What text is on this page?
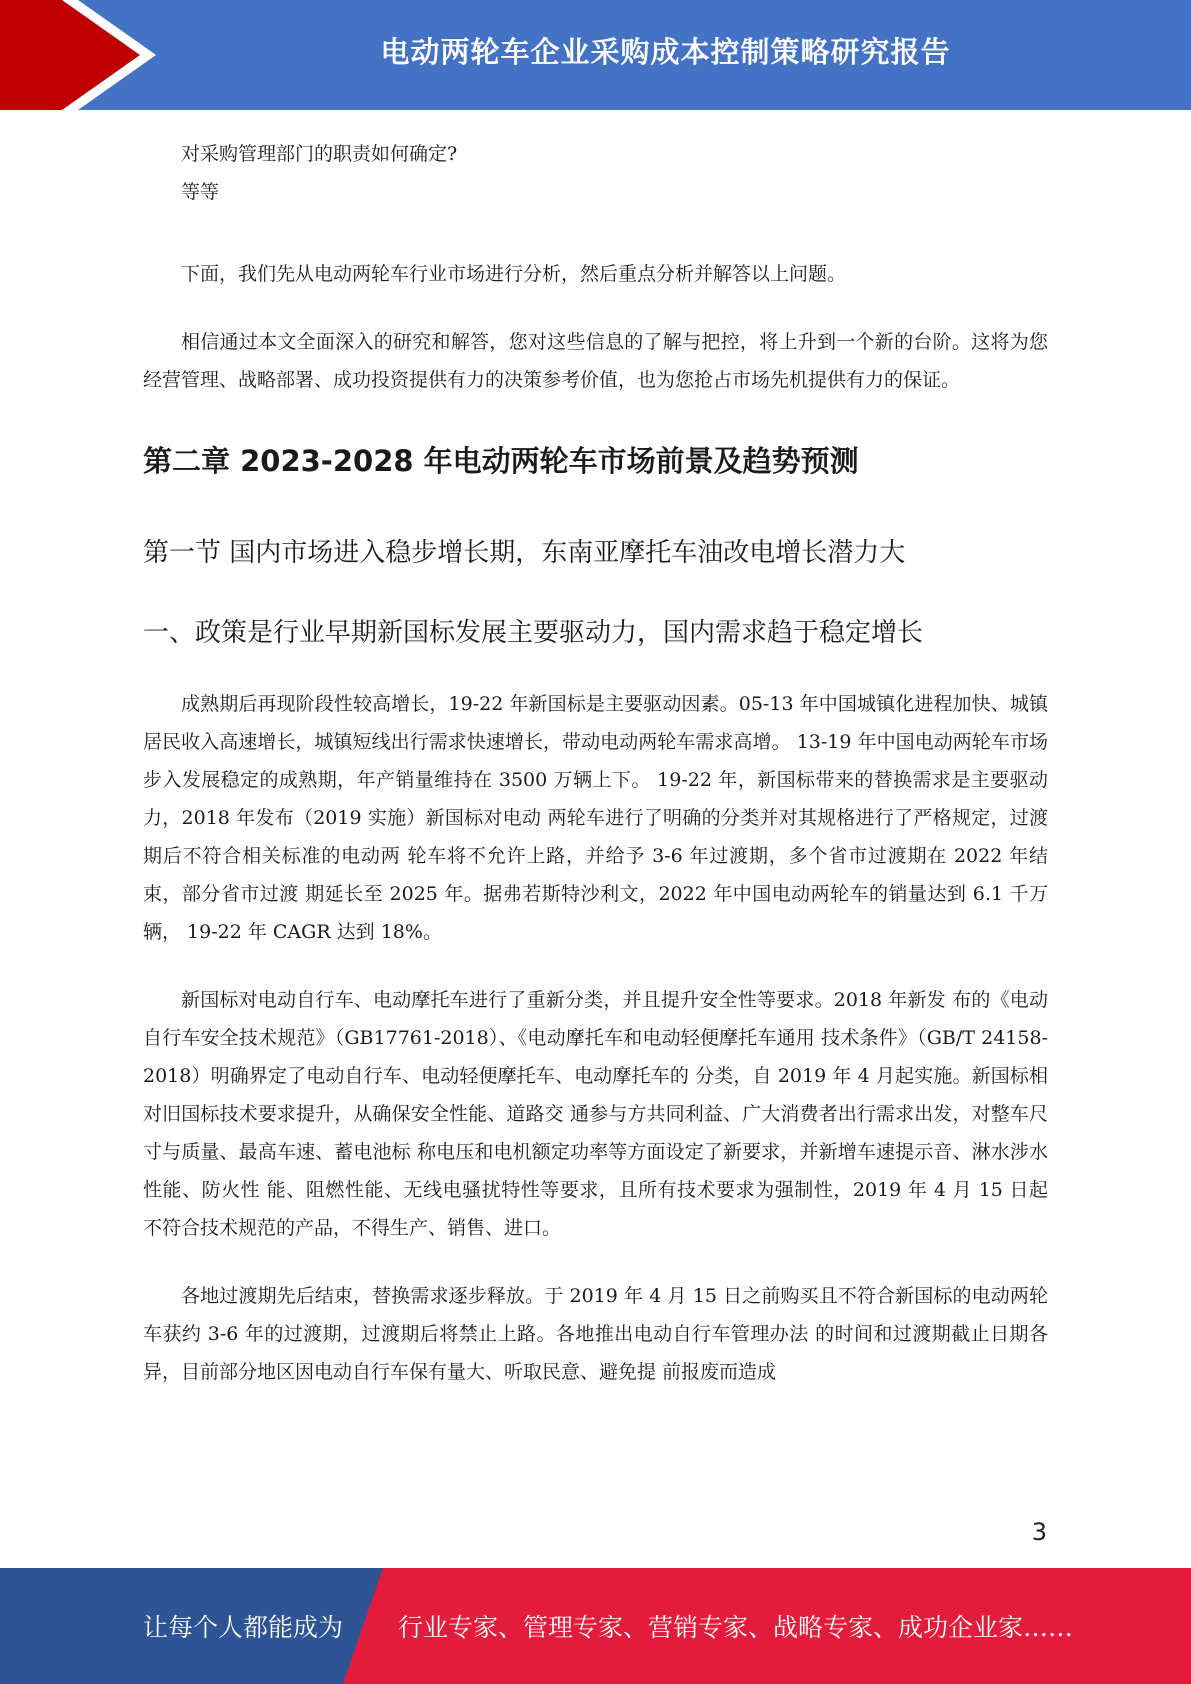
电动两轮车企业采购成本控制策略研究报告

对采购管理部门的职责如何确定?

等等

下面，我们先从电动两轮车行业市场进行分析，然后重点分析并解答以上问题。

相信通过本文全面深入的研究和解答，您对这些信息的了解与把控，将上升到一个新的台阶。这将为您经营管理、战略部署、成功投资提供有力的决策参考价值，也为您抢占市场先机提供有力的保证。

第二章 2023-2028 年电动两轮车市场前景及趋势预测
第一节 国内市场进入稳步增长期，东南亚摩托车油改电增长潜力大
一、政策是行业早期新国标发展主要驱动力，国内需求趋于稳定增长

成熟期后再现阶段性较高增长，19-22 年新国标是主要驱动因素。05-13 年中国城镇化进程加快、城镇居民收入高速增长，城镇短线出行需求快速增长，带动电动两轮车需求高增。 13-19 年中国电动两轮车市场步入发展稳定的成熟期，年产销量维持在 3500 万辆上下。 19-22 年，新国标带来的替换需求是主要驱动力，2018 年发布（2019 实施）新国标对电动 两轮车进行了明确的分类并对其规格进行了严格规定，过渡期后不符合相关标准的电动两 轮车将不允许上路，并给予 3-6 年过渡期，多个省市过渡期在 2022 年结束，部分省市过渡 期延长至 2025 年。据弗若斯特沙利文，2022 年中国电动两轮车的销量达到 6.1 千万辆， 19-22 年 CAGR 达到 18%。

新国标对电动自行车、电动摩托车进行了重新分类，并且提升安全性等要求。2018 年新发 布的《电动自行车安全技术规范》（GB17761-2018）、《电动摩托车和电动轻便摩托车通用 技术条件》（GB/T 24158-2018）明确界定了电动自行车、电动轻便摩托车、电动摩托车的 分类，自 2019 年 4 月起实施。新国标相对旧国标技术要求提升，从确保安全性能、道路交 通参与方共同利益、广大消费者出行需求出发，对整车尺寸与质量、最高车速、蓄电池标 称电压和电机额定功率等方面设定了新要求，并新增车速提示音、淋水涉水性能、防火性 能、阻燃性能、无线电骚扰特性等要求，且所有技术要求为强制性，2019 年 4 月 15 日起 不符合技术规范的产品，不得生产、销售、进口。

各地过渡期先后结束，替换需求逐步释放。于 2019 年 4 月 15 日之前购买且不符合新国标的电动两轮车获约 3-6 年的过渡期，过渡期后将禁止上路。各地推出电动自行车管理办法 的时间和过渡期截止日期各异，目前部分地区因电动自行车保有量大、听取民意、避免提 前报废而造成

3
让每个人都能成为 行业专家、管理专家、营销专家、战略专家、成功企业家……
